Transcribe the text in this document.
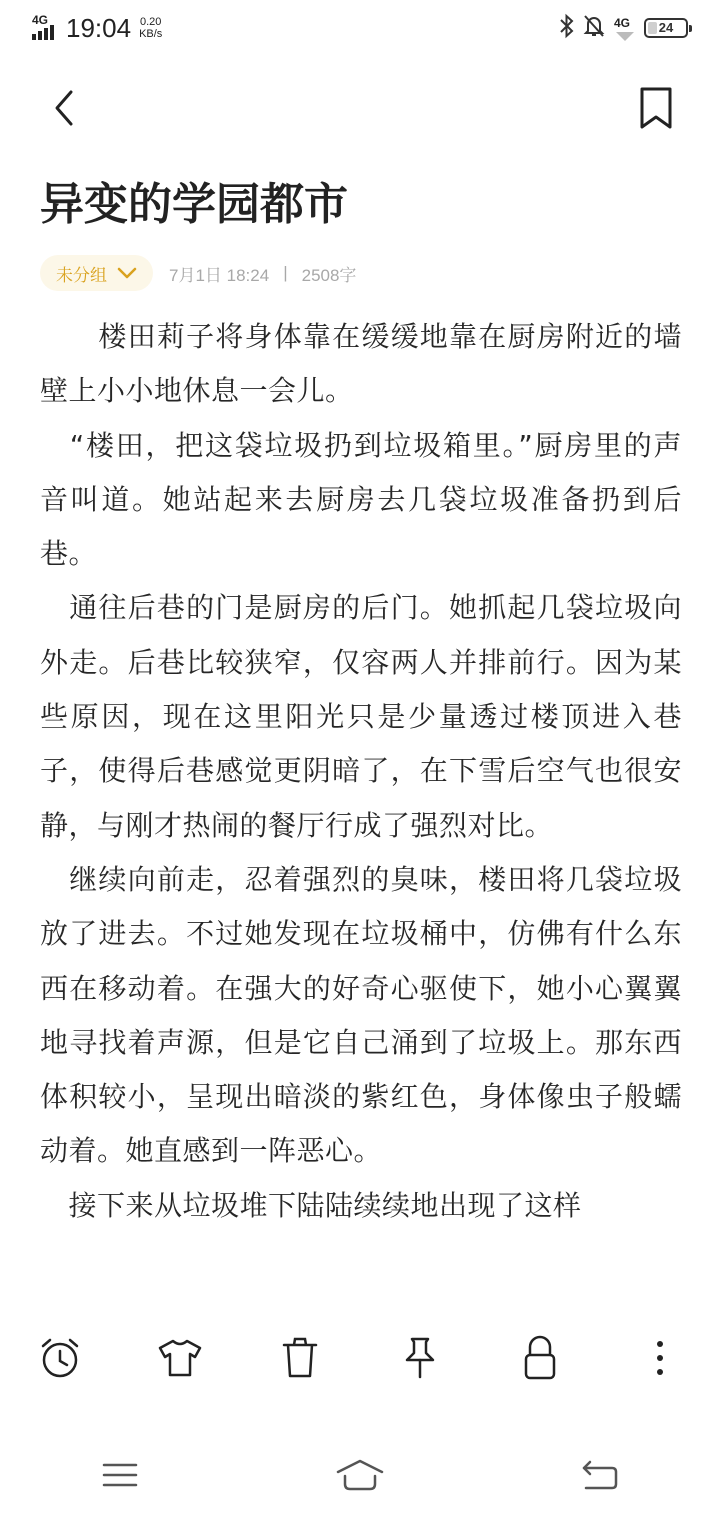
4G 19:04 0.20
KB/s
4G	24
异变的学园都市
未分组	7月1日 18:24 | 2508字

　　楼田莉子将身体靠在缓缓地靠在厨房附近的墙壁上小小地休息一会儿。

　“楼田，把这袋垃圾扔到垃圾箱里。”厨房里的声音叫道。她站起来去厨房去几袋垃圾准备扔到后巷。

　通往后巷的门是厨房的后门。她抓起几袋垃圾向外走。后巷比较狭窄，仅容两人并排前行。因为某些原因，现在这里阳光只是少量透过楼顶进入巷子，使得后巷感觉更阴暗了，在下雪后空气也很安静，与刚才热闹的餐厅行成了强烈对比。

　继续向前走，忍着强烈的臭味，楼田将几袋垃圾放了进去。不过她发现在垃圾桶中，仿佛有什么东西在移动着。在强大的好奇心驱使下，她小心翼翼地寻找着声源，但是它自己涌到了垃圾上。那东西体积较小，呈现出暗淡的紫红色，身体像虫子般蠕动着。她直感到一阵恶心。

　接下来从垃圾堆下陆陆续续地出现了这样
